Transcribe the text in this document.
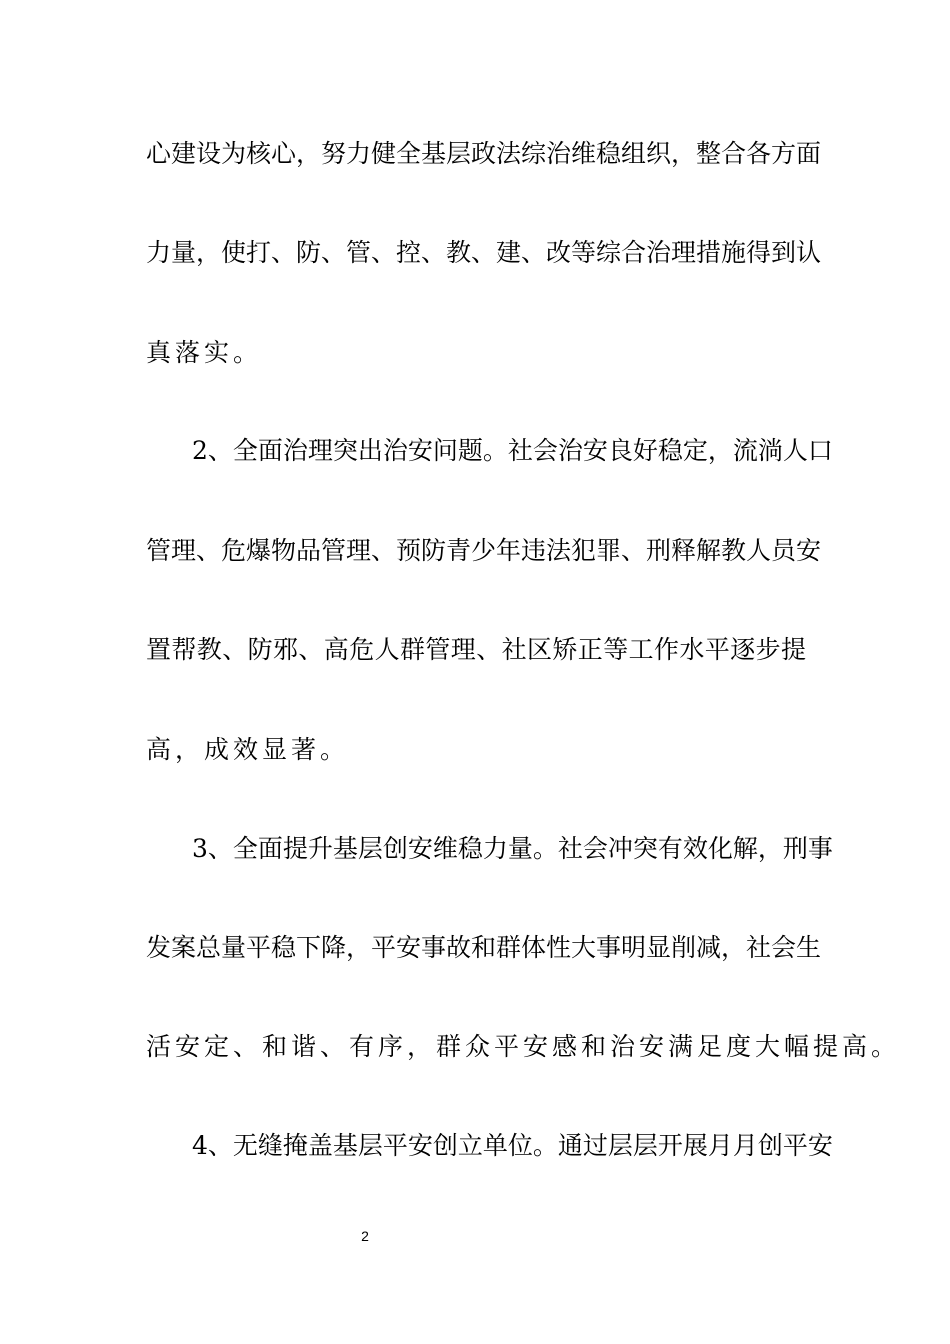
心建设为核心，努力健全基层政法综治维稳组织，整合各方面
力量，使打、防、管、控、教、建、改等综合治理措施得到认
真落实。
2、全面治理突出治安问题。社会治安良好稳定，流淌人口
管理、危爆物品管理、预防青少年违法犯罪、刑释解教人员安
置帮教、防邪、高危人群管理、社区矫正等工作水平逐步提
高，成效显著。
3、全面提升基层创安维稳力量。社会冲突有效化解，刑事
发案总量平稳下降，平安事故和群体性大事明显削减，社会生
活安定、和谐、有序，群众平安感和治安满足度大幅提高。
4、无缝掩盖基层平安创立单位。通过层层开展月月创平安
2
